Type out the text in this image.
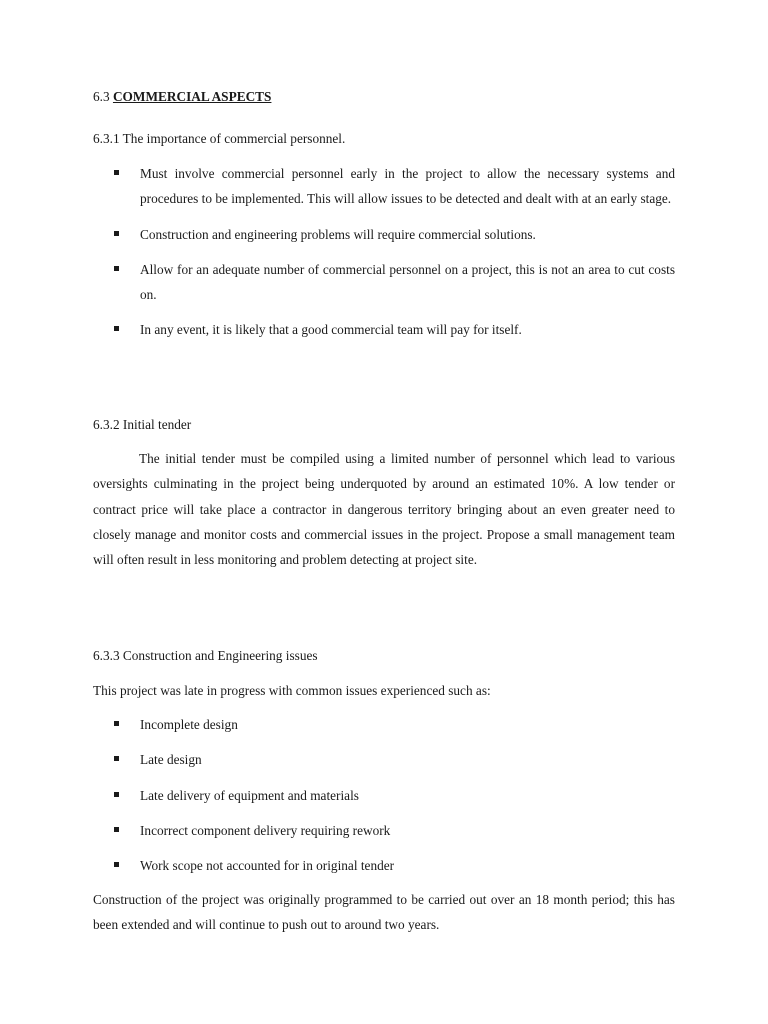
6.3 COMMERCIAL ASPECTS
6.3.1 The importance of commercial personnel.
Must involve commercial personnel early in the project to allow the necessary systems and procedures to be implemented. This will allow issues to be detected and dealt with at an early stage.
Construction and engineering problems will require commercial solutions.
Allow for an adequate number of commercial personnel on a project, this is not an area to cut costs on.
In any event, it is likely that a good commercial team will pay for itself.
6.3.2 Initial tender

The initial tender must be compiled using a limited number of personnel which lead to various oversights culminating in the project being underquoted by around an estimated 10%. A low tender or contract price will take place a contractor in dangerous territory bringing about an even greater need to closely manage and monitor costs and commercial issues in the project. Propose a small management team will often result in less monitoring and problem detecting at project site.

6.3.3 Construction and Engineering issues
This project was late in progress with common issues experienced such as:
Incomplete design
Late design
Late delivery of equipment and materials
Incorrect component delivery requiring rework
Work scope not accounted for in original tender

Construction of the project was originally programmed to be carried out over an 18 month period; this has been extended and will continue to push out to around two years.
